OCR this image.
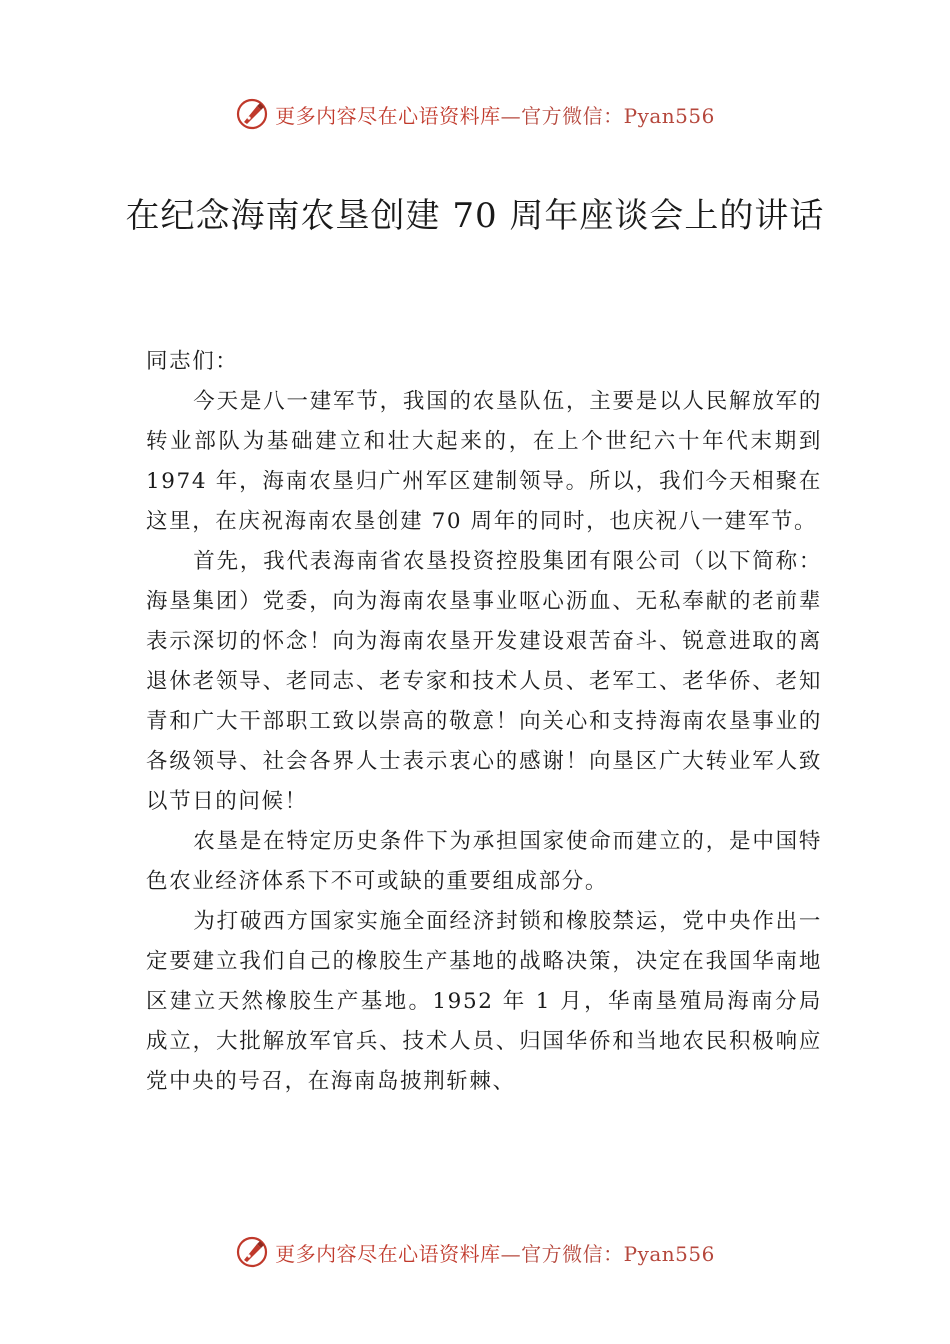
更多内容尽在心语资料库—官方微信：Pyan556
在纪念海南农垦创建 70 周年座谈会上的讲话

同志们：

今天是八一建军节，我国的农垦队伍，主要是以人民解放军的转业部队为基础建立和壮大起来的，在上个世纪六十年代末期到 1974 年，海南农垦归广州军区建制领导。所以，我们今天相聚在这里，在庆祝海南农垦创建 70 周年的同时，也庆祝八一建军节。

首先，我代表海南省农垦投资控股集团有限公司（以下简称：海垦集团）党委，向为海南农垦事业呕心沥血、无私奉献的老前辈表示深切的怀念！向为海南农垦开发建设艰苦奋斗、锐意进取的离退休老领导、老同志、老专家和技术人员、老军工、老华侨、老知青和广大干部职工致以崇高的敬意！向关心和支持海南农垦事业的各级领导、社会各界人士表示衷心的感谢！向垦区广大转业军人致以节日的问候！

农垦是在特定历史条件下为承担国家使命而建立的，是中国特色农业经济体系下不可或缺的重要组成部分。

为打破西方国家实施全面经济封锁和橡胶禁运，党中央作出一定要建立我们自己的橡胶生产基地的战略决策，决定在我国华南地区建立天然橡胶生产基地。1952 年 1 月，华南垦殖局海南分局成立，大批解放军官兵、技术人员、归国华侨和当地农民积极响应党中央的号召，在海南岛披荆斩棘、

更多内容尽在心语资料库—官方微信：Pyan556
